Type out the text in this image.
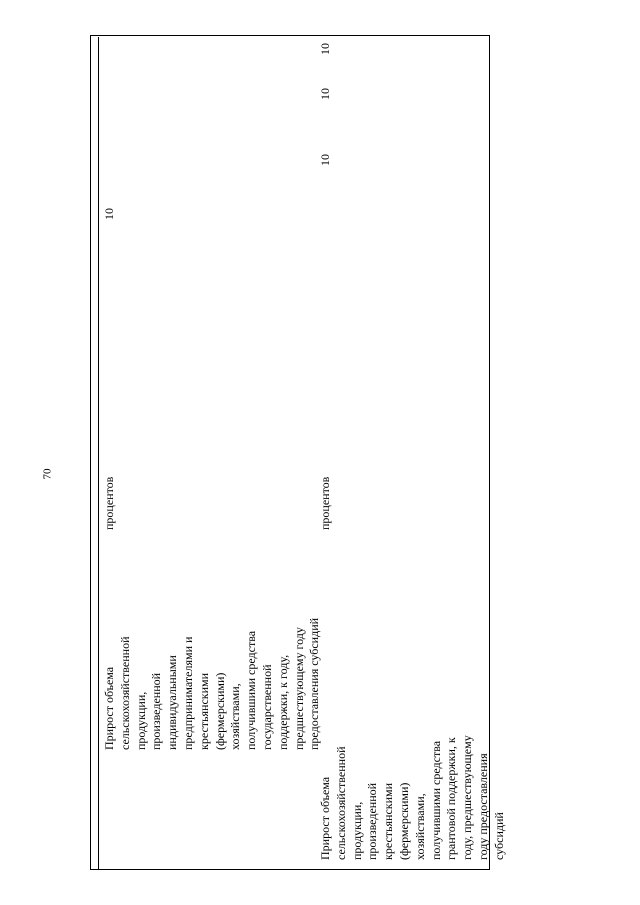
70
Прирост объема
сельскохозяйственной
продукции,
произведенной
индивидуальными
предпринимателями и
крестьянскими
(фермерскими)
хозяйствами,
получившими средства
государственной
поддержки, к году,
предшествующему году
предоставления субсидий
процентов
10
Прирост объема
сельскохозяйственной
продукции,
произведенной
крестьянскими
(фермерскими)
хозяйствами,
получившими средства
грантовой поддержки, к
году, предшествующему
году предоставления
субсидий
процентов
10
10
10
